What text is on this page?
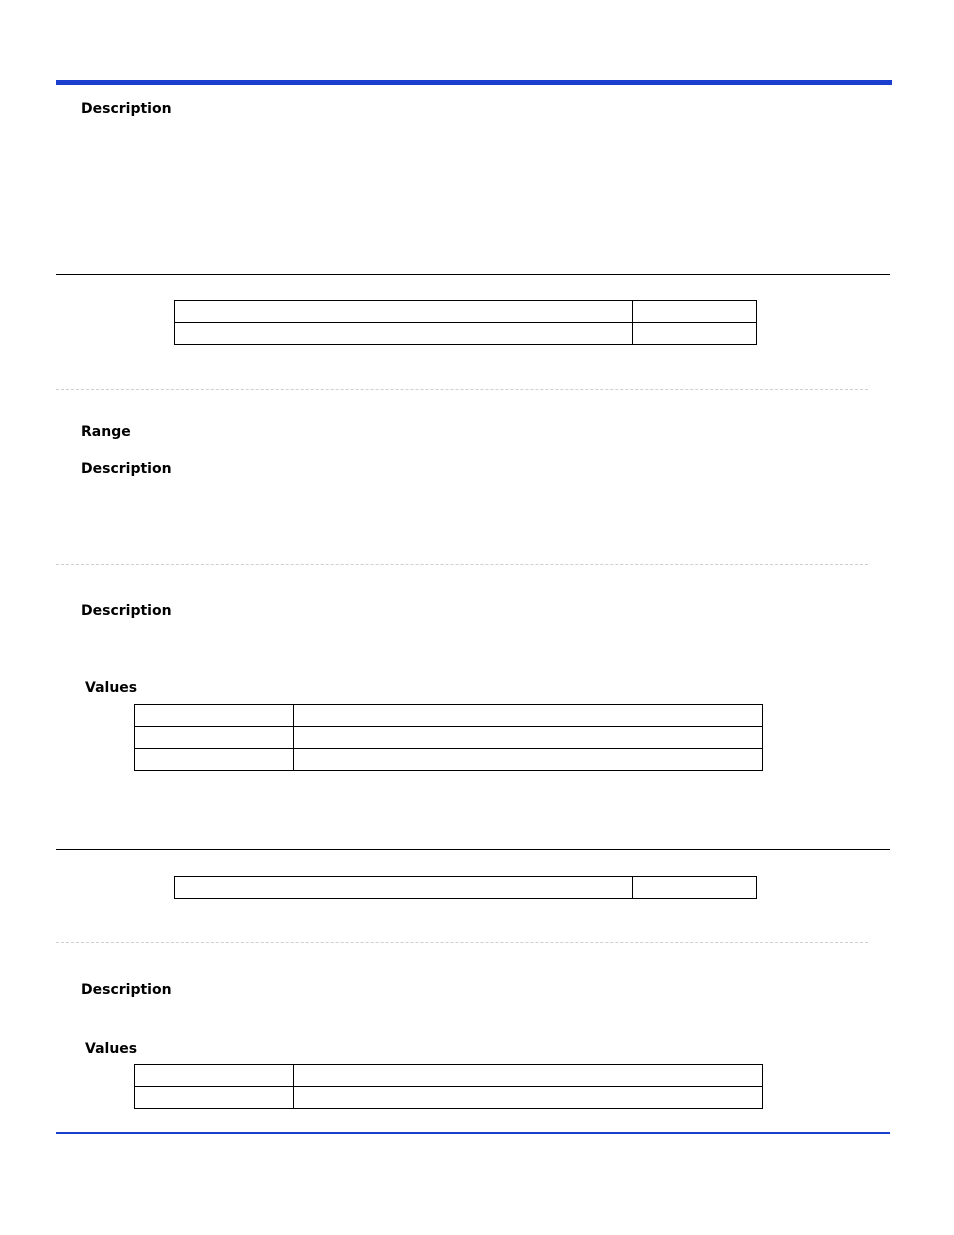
Description

Range
Description
Description
Values

Description
Values
